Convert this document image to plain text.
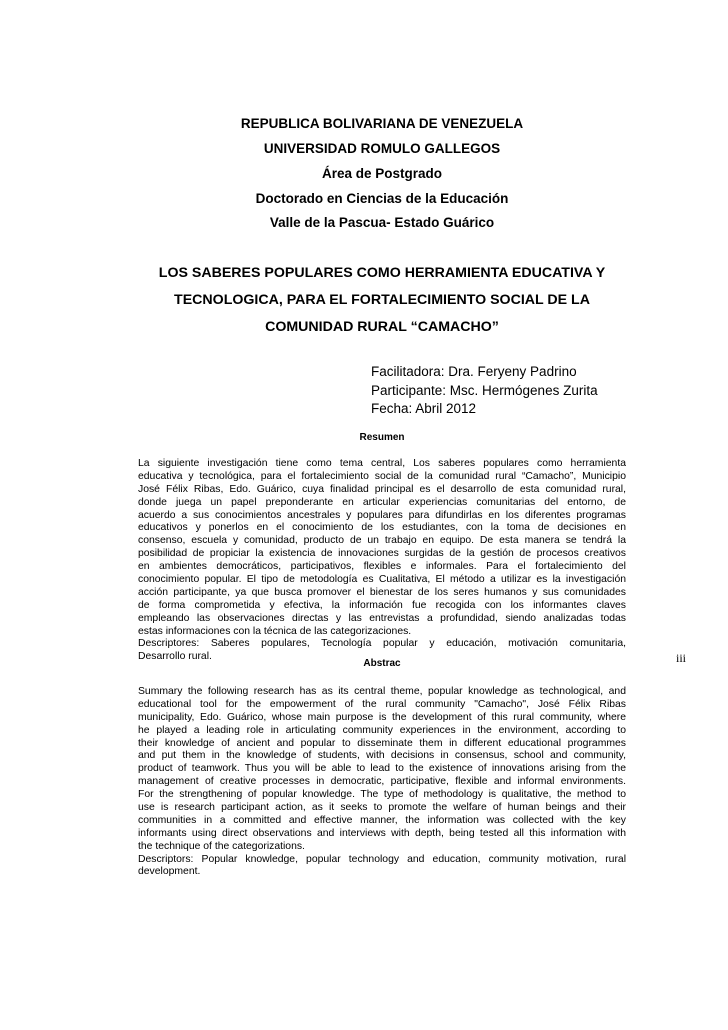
REPUBLICA BOLIVARIANA DE VENEZUELA
UNIVERSIDAD ROMULO GALLEGOS
Área de Postgrado
Doctorado en Ciencias de la Educación
Valle de la Pascua- Estado Guárico
LOS SABERES POPULARES COMO HERRAMIENTA EDUCATIVA Y
TECNOLOGICA, PARA EL FORTALECIMIENTO SOCIAL DE LA
COMUNIDAD RURAL “CAMACHO”
Facilitadora: Dra. Feryeny Padrino
Participante: Msc. Hermógenes Zurita
Fecha: Abril 2012
Resumen
La siguiente investigación tiene como tema central, Los saberes populares como herramienta
educativa y tecnológica, para el fortalecimiento social de la comunidad rural “Camacho”, Municipio
José Félix Ribas, Edo. Guárico, cuya finalidad principal es el desarrollo de esta comunidad rural,
donde juega un papel preponderante en articular experiencias comunitarias del entorno, de
acuerdo a sus conocimientos ancestrales y populares para difundirlas en los diferentes programas
educativos y ponerlos en el conocimiento de los estudiantes, con la toma de decisiones en
consenso, escuela y comunidad, producto de un trabajo en equipo. De esta manera se tendrá la
posibilidad de propiciar la existencia de innovaciones surgidas de la gestión de procesos creativos
en ambientes democráticos, participativos, flexibles e informales. Para el fortalecimiento del
conocimiento popular. El tipo de metodología es Cualitativa, El método a utilizar es la investigación
acción participante, ya que busca promover el bienestar de los seres humanos y sus comunidades
de forma comprometida y efectiva, la información fue recogida con los informantes claves
empleando las observaciones directas y las entrevistas a profundidad, siendo analizadas todas
estas informaciones con la técnica de las categorizaciones.
Descriptores: Saberes populares, Tecnología popular y educación, motivación comunitaria,
Desarrollo rural.
Abstrac	iii
Summary the following research has as its central theme, popular knowledge as technological, and
educational tool for the empowerment of the rural community "Camacho", José Félix Ribas
municipality, Edo. Guárico, whose main purpose is the development of this rural community, where
he played a leading role in articulating community experiences in the environment, according to
their knowledge of ancient and popular to disseminate them in different educational programmes
and put them in the knowledge of students, with decisions in consensus, school and community,
product of teamwork. Thus you will be able to lead to the existence of innovations arising from the
management of creative processes in democratic, participative, flexible and informal environments.
For the strengthening of popular knowledge. The type of methodology is qualitative, the method to
use is research participant action, as it seeks to promote the welfare of human beings and their
communities in a committed and effective manner, the information was collected with the key
informants using direct observations and interviews with depth, being tested all this information with
the technique of the categorizations.
Descriptors: Popular knowledge, popular technology and education, community motivation, rural
development.
